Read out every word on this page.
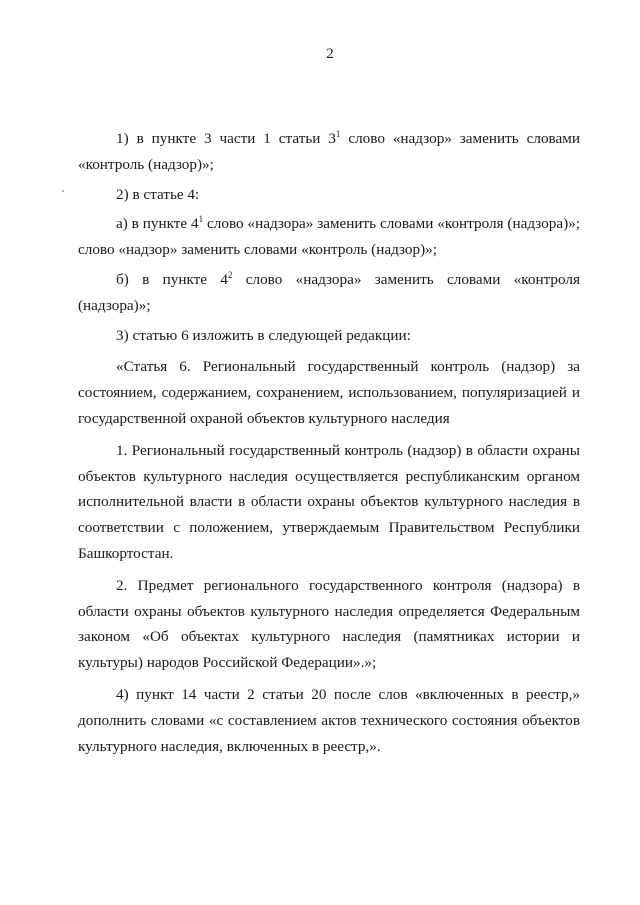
2

1) в пункте 3 части 1 статьи $3^1$ слово «надзор» заменить словами «контроль (надзор)»;

2) в статье 4:

а) в пункте $4^1$ слово «надзора» заменить словами «контроля (надзора)»; слово «надзор» заменить словами «контроль (надзор)»;

б) в пункте $4^2$ слово «надзора» заменить словами «контроля (надзора)»;

3) статью 6 изложить в следующей редакции:

«Статья 6. Региональный государственный контроль (надзор) за состоянием, содержанием, сохранением, использованием, популяризацией и государственной охраной объектов культурного наследия

1. Региональный государственный контроль (надзор) в области охраны объектов культурного наследия осуществляется республиканским органом исполнительной власти в области охраны объектов культурного наследия в соответствии с положением, утверждаемым Правительством Республики Башкортостан.

2. Предмет регионального государственного контроля (надзора) в области охраны объектов культурного наследия определяется Федеральным законом «Об объектах культурного наследия (памятниках истории и культуры) народов Российской Федерации».»;

4) пункт 14 части 2 статьи 20 после слов «включенных в реестр,» дополнить словами «с составлением актов технического состояния объектов культурного наследия, включенных в реестр,».
